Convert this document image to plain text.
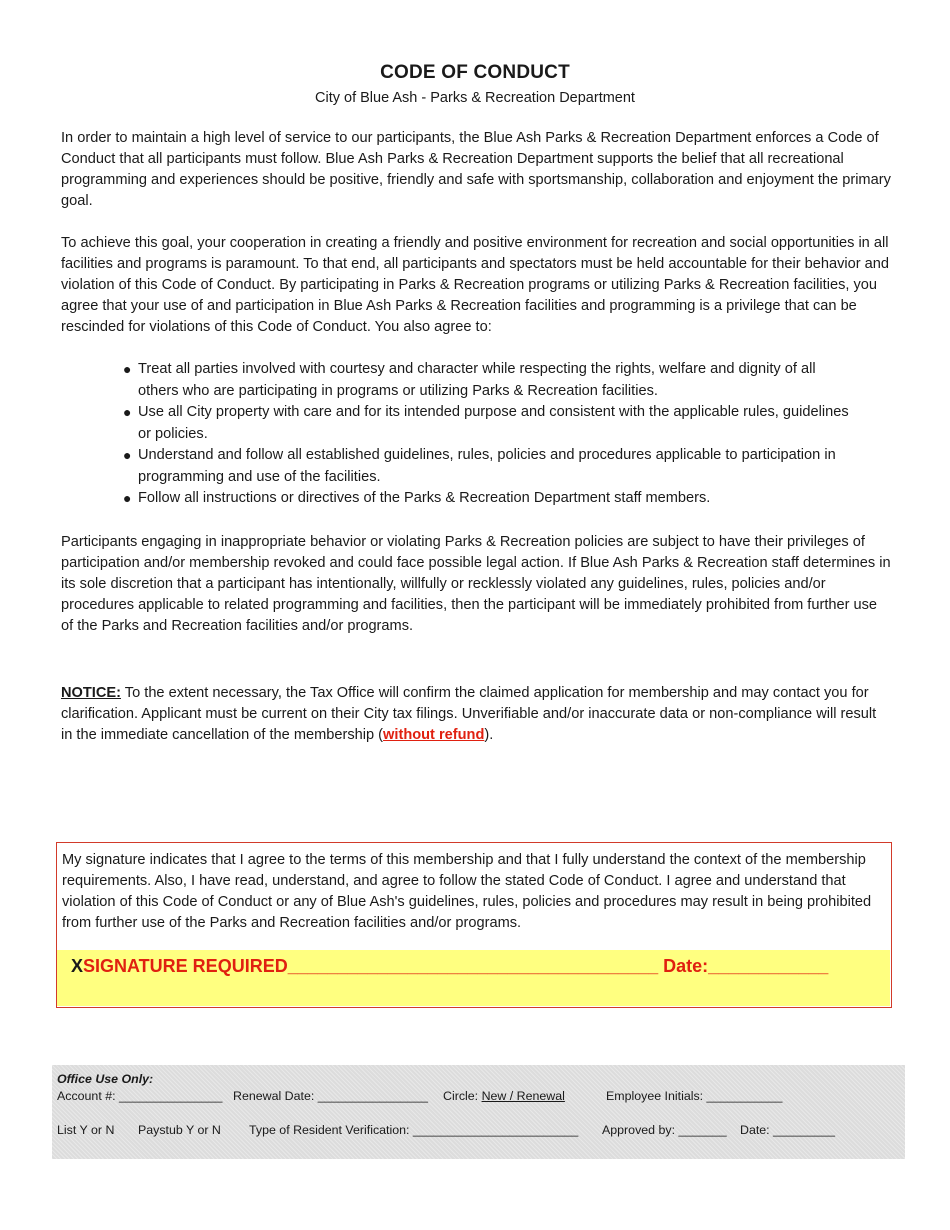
CODE OF CONDUCT
City of Blue Ash - Parks & Recreation Department

In order to maintain a high level of service to our participants, the Blue Ash Parks & Recreation Department enforces a Code of Conduct that all participants must follow. Blue Ash Parks & Recreation Department supports the belief that all recreational programming and experiences should be positive, friendly and safe with sportsmanship, collaboration and enjoyment the primary goal.

To achieve this goal, your cooperation in creating a friendly and positive environment for recreation and social opportunities in all facilities and programs is paramount. To that end, all participants and spectators must be held accountable for their behavior and violation of this Code of Conduct. By participating in Parks & Recreation programs or utilizing Parks & Recreation facilities, you agree that your use of and participation in Blue Ash Parks & Recreation facilities and programming is a privilege that can be rescinded for violations of this Code of Conduct. You also agree to:

● Treat all parties involved with courtesy and character while respecting the rights, welfare and dignity of all others who are participating in programs or utilizing Parks & Recreation facilities.
● Use all City property with care and for its intended purpose and consistent with the applicable rules, guidelines or policies.
● Understand and follow all established guidelines, rules, policies and procedures applicable to participation in programming and use of the facilities.
● Follow all instructions or directives of the Parks & Recreation Department staff members.

Participants engaging in inappropriate behavior or violating Parks & Recreation policies are subject to have their privileges of participation and/or membership revoked and could face possible legal action. If Blue Ash Parks & Recreation staff determines in its sole discretion that a participant has intentionally, willfully or recklessly violated any guidelines, rules, policies and/or procedures applicable to related programming and facilities, then the participant will be immediately prohibited from further use of the Parks and Recreation facilities and/or programs.

NOTICE: To the extent necessary, the Tax Office will confirm the claimed application for membership and may contact you for clarification. Applicant must be current on their City tax filings. Unverifiable and/or inaccurate data or non-compliance will result in the immediate cancellation of the membership (without refund).

My signature indicates that I agree to the terms of this membership and that I fully understand the context of the membership requirements. Also, I have read, understand, and agree to follow the stated Code of Conduct. I agree and understand that violation of this Code of Conduct or any of Blue Ash's guidelines, rules, policies and procedures may result in being prohibited from further use of the Parks and Recreation facilities and/or programs.

XSIGNATURE REQUIRED_____________________________________ Date:____________
Office Use Only:
Account #: _______________ Renewal Date: ________________ Circle: New / Renewal	Employee Initials: ___________
List Y or N Paystub Y or N Type of Resident Verification: ________________________ Approved by: _______ Date: _________
